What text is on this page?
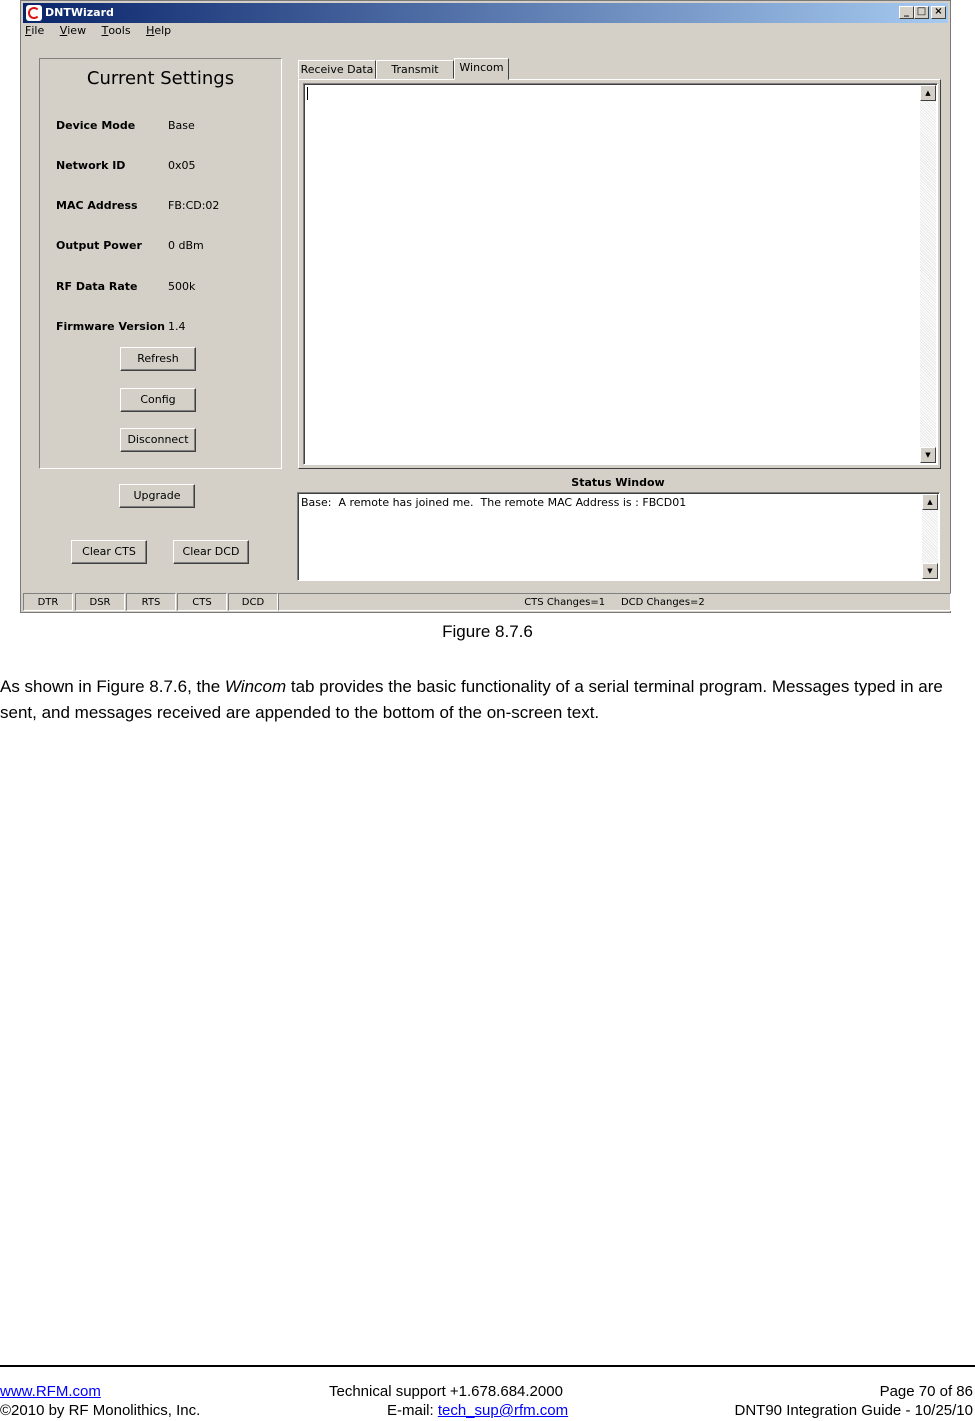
DNTWizard	_ □ ×
File View Tools Help
Current Settings
Device Mode	Base
Network ID	0x05
MAC Address	FB:CD:02
Output Power 0 dBm
RF Data Rate	500k
Firmware Version 1.4
Refresh
Config
Disconnect
Upgrade
Clear CTS	Clear DCD
Receive Data	Transmit	Wincom
▲
▼
Status Window
Base:  A remote has joined me.  The remote MAC Address is : FBCD01	▲
▼
DTR	DSR	RTS	CTS	DCD	CTS Changes=1 DCD Changes=2
Figure 8.7.6
As shown in Figure 8.7.6, the Wincom tab provides the basic functionality of a serial terminal program. Messages typed in are sent, and messages received are appended to the bottom of the on-screen text.
www.RFM.com
©2010 by RF Monolithics, Inc.
Technical support +1.678.684.2000
E-mail: tech_sup@rfm.com
Page 70 of 86
DNT90 Integration Guide - 10/25/10
